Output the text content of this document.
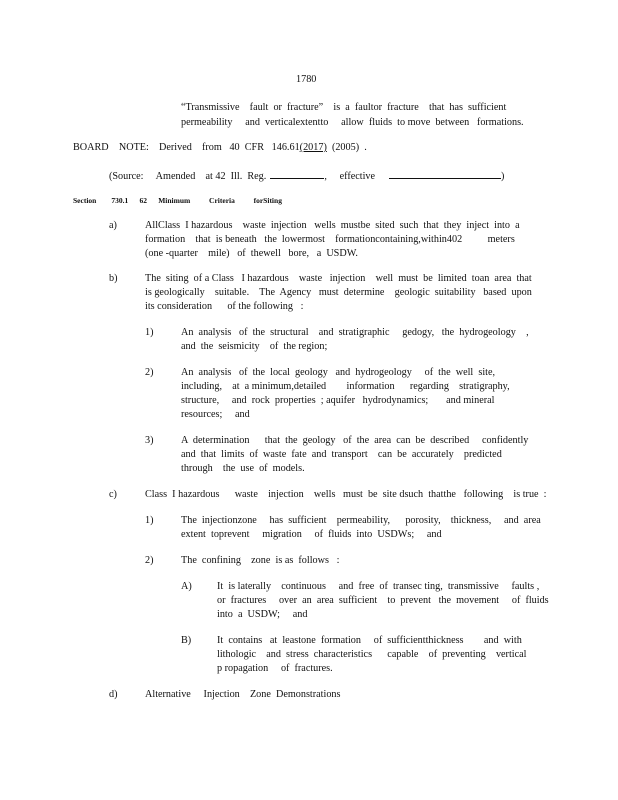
1780
“Transmissive    fault  or  fracture”    is  a  faultor  fracture    that  has  sufficient
permeability     and  verticalextentto     allow  fluids  to move  between   formations.
BOARD    NOTE:    Derived    from   40  CFR   146.61(2017)  (2005)  .
(Source:     Amended    at 42  Ill.  Reg.	,     effective	)
Section        730.1      62      Minimum          Criteria          forSiting
a)	AllClass  I hazardous    waste  injection   wells  mustbe  sited  such  that  they  inject  into  a
formation    that  is beneath   the  lowermost    formationcontaining,within402          meters
(one -quarter    mile)   of  thewell   bore,   a  USDW.
b)	The  siting  of a Class   I hazardous    waste   injection    well  must  be  limited  toan  area  that
is geologically    suitable.    The  Agency   must  determine    geologic  suitability   based  upon
its consideration      of the following   :
1)	An  analysis   of  the  structural    and  stratigraphic     gedogy,   the  hydrogeology    ,
and  the  seismicity    of  the region;
2)	An  analysis   of  the  local  geology   and  hydrogeology     of  the  well  site,
including,    at  a minimum,detailed        information      regarding    stratigraphy,
structure,     and  rock  properties  ; aquifer   hydrodynamics;       and mineral
resources;     and
3)	A  determination      that  the  geology   of  the  area  can  be  described     confidently
and  that  limits  of  waste  fate  and  transport    can  be  accurately    predicted
through    the  use  of  models.
c)	Class  I hazardous      waste    injection    wells   must  be  site dsuch  thatthe   following    is true  :
1)	The  injectionzone     has  sufficient    permeability,      porosity,    thickness,     and  area
extent  toprevent     migration     of  fluids  into  USDWs;     and
2)	The  confining    zone  is as  follows   :
A) It  is laterally    continuous     and  free  of  transec ting,  transmissive     faults ,
or  fractures     over  an  area  sufficient    to  prevent   the  movement     of  fluids
into  a  USDW;     and
B)	It  contains   at  leastone  formation     of  sufficientthickness        and  with
lithologic    and  stress  characteristics      capable    of  preventing    vertical
p ropagation     of  fractures.
d)	Alternative     Injection    Zone  Demonstrations
